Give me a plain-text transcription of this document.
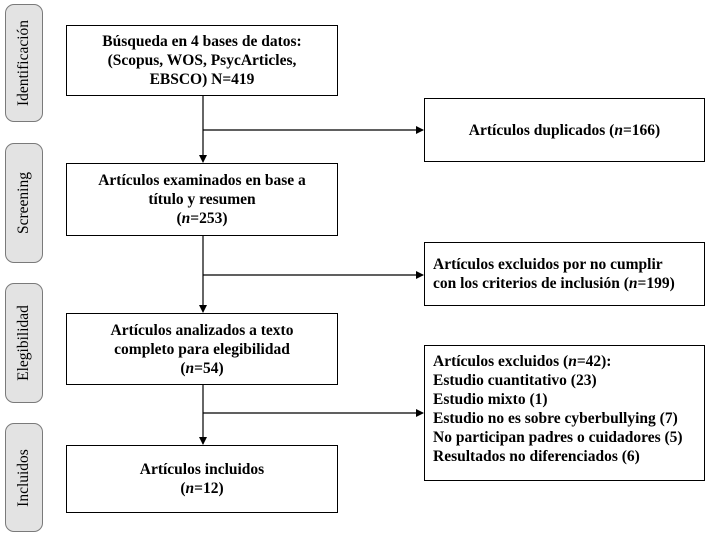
Identificación
Screening
Elegibilidad
Incluidos
Búsqueda en 4 bases de datos:
(Scopus, WOS, PsycArticles,
EBSCO) N=419
Artículos duplicados (n=166)
Artículos examinados en base a
título y resumen
(n=253)
Artículos excluidos por no cumplir
con los criterios de inclusión (n=199)
Artículos analizados a texto
completo para elegibilidad
(n=54)	Artículos excluidos (n=42):
Estudio cuantitativo (23)
Estudio mixto (1)
Estudio no es sobre cyberbullying (7)
No participan padres o cuidadores (5)
Resultados no diferenciados (6)
Artículos incluidos
(n=12)
